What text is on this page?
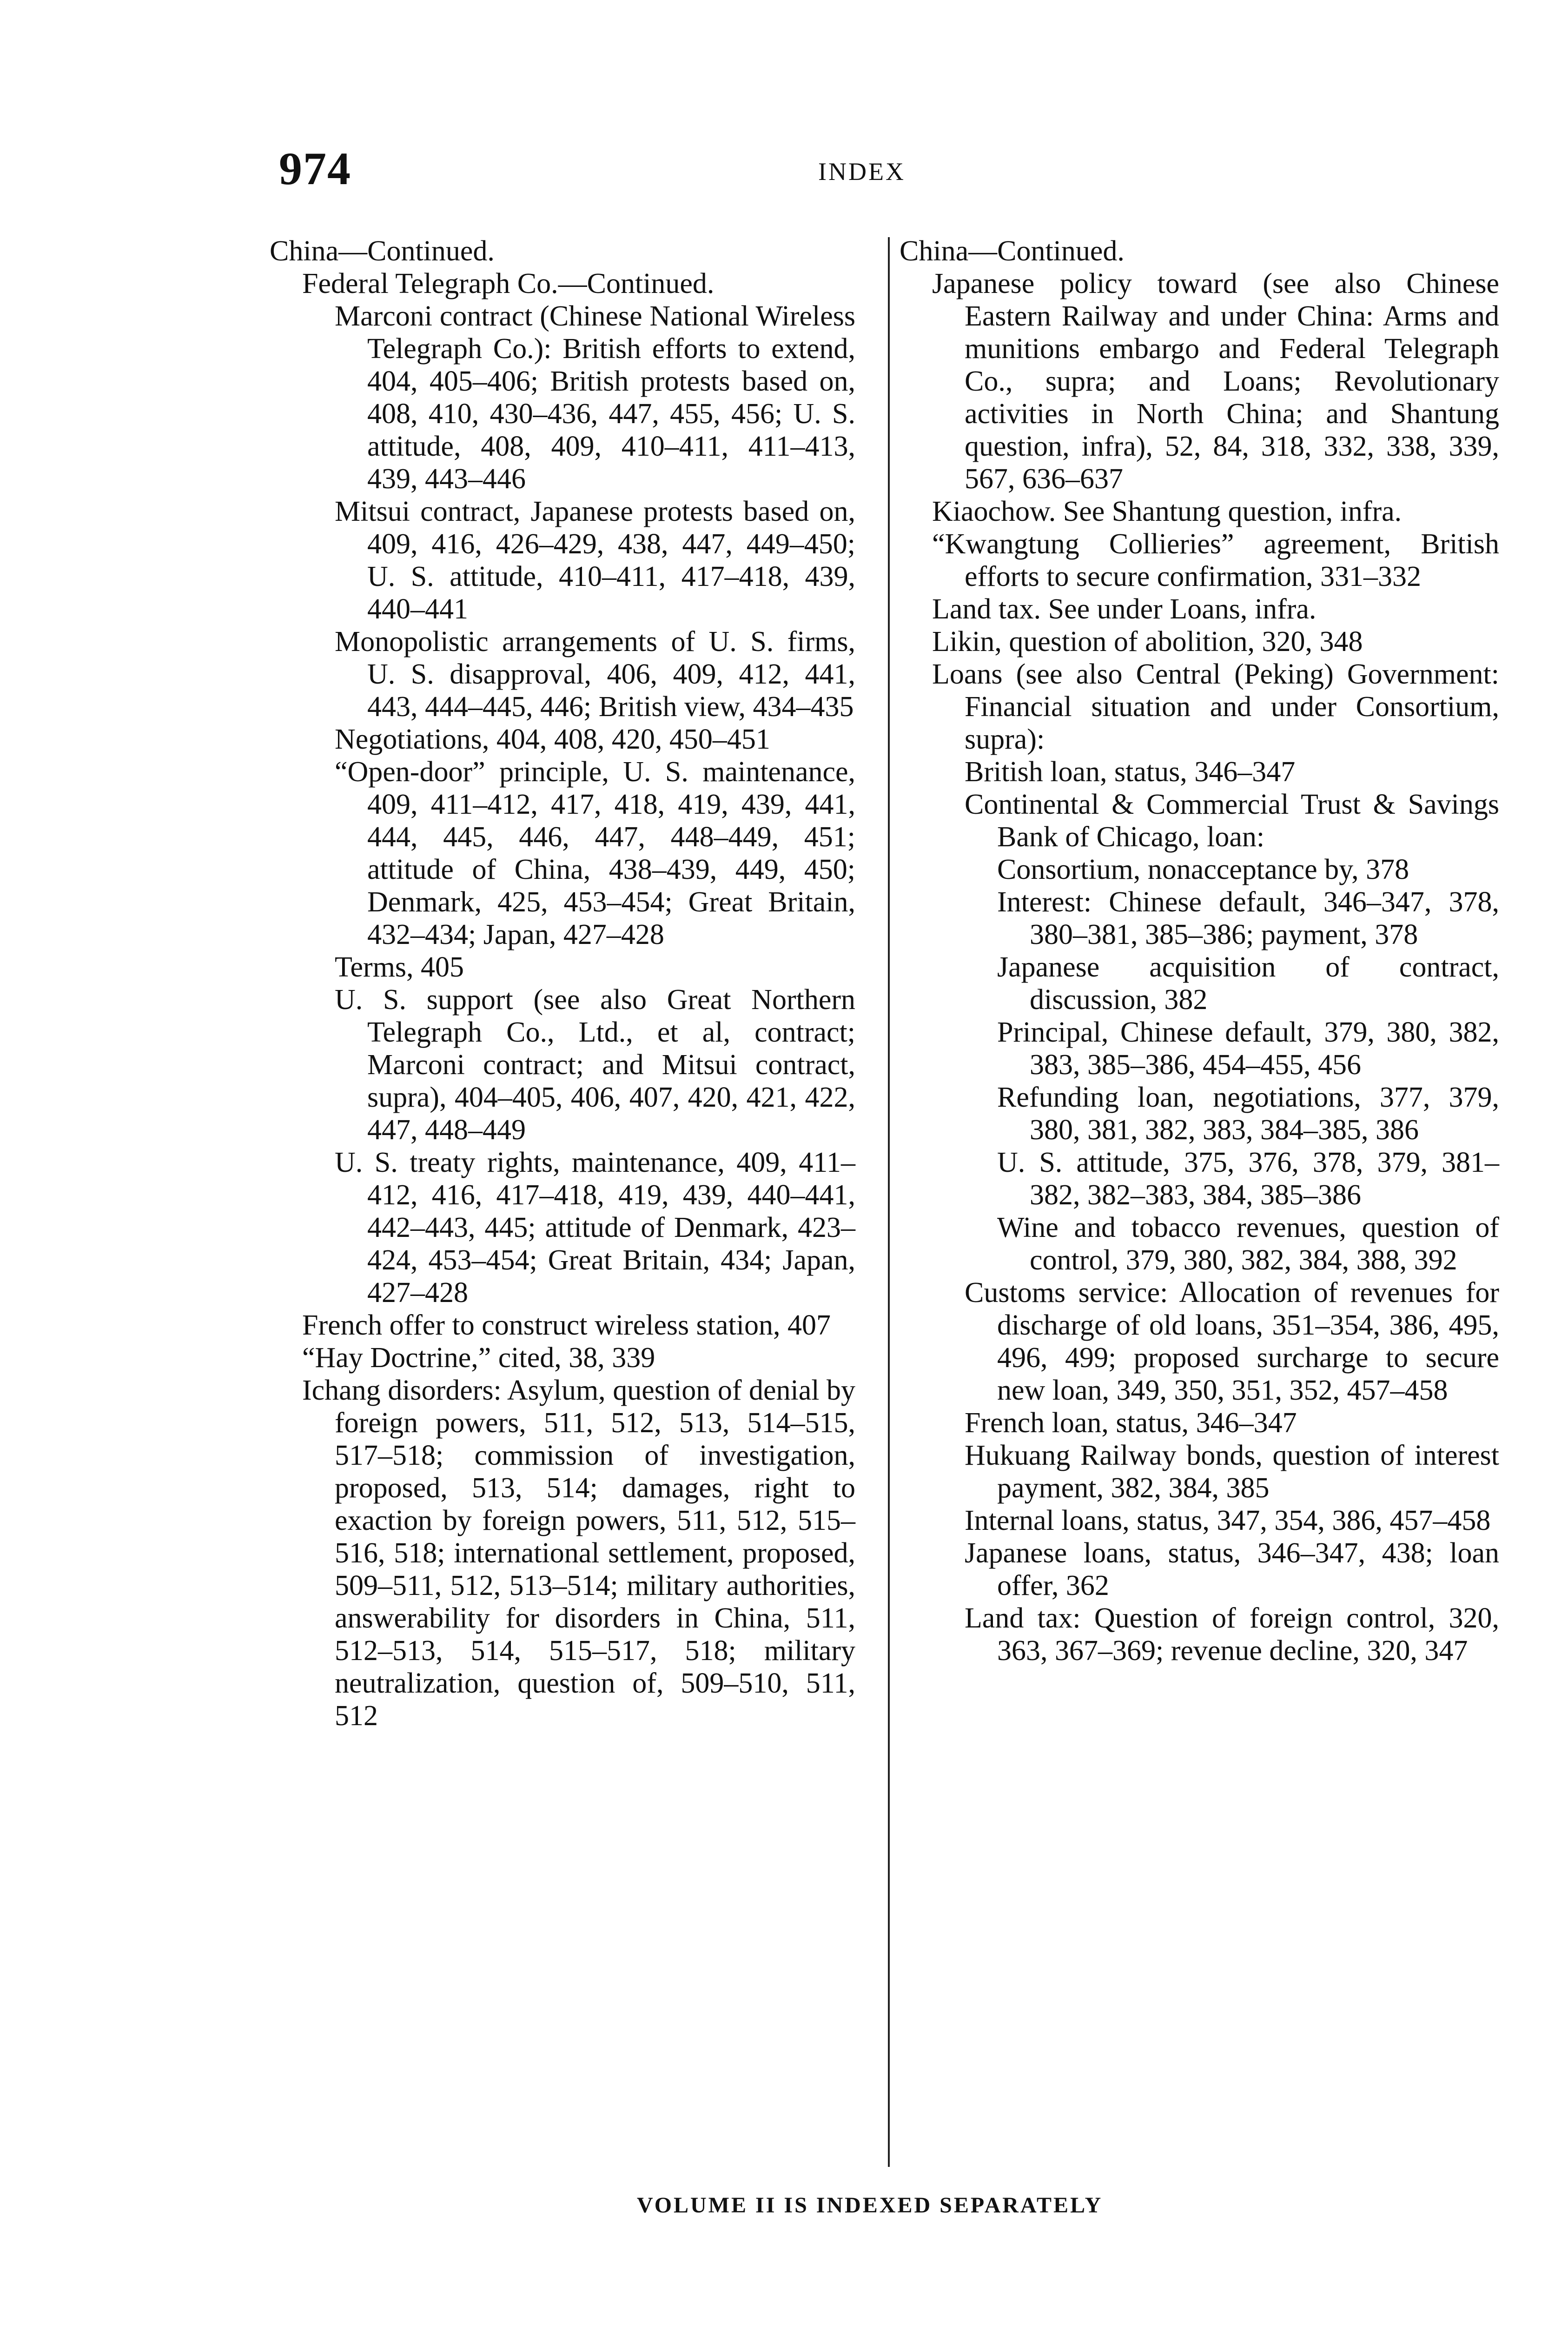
974	INDEX

China—Continued.

Federal Telegraph Co.—Continued.

Marconi contract (Chinese National Wireless Telegraph Co.): British efforts to extend, 404, 405–406; British protests based on, 408, 410, 430–436, 447, 455, 456; U. S. attitude, 408, 409, 410–411, 411–413, 439, 443–446

Mitsui contract, Japanese protests based on, 409, 416, 426–429, 438, 447, 449–450; U. S. attitude, 410–411, 417–418, 439, 440–441

Monopolistic arrangements of U. S. firms, U. S. disapproval, 406, 409, 412, 441, 443, 444–445, 446; British view, 434–435

Negotiations, 404, 408, 420, 450–451

“Open-door” principle, U. S. maintenance, 409, 411–412, 417, 418, 419, 439, 441, 444, 445, 446, 447, 448–449, 451; attitude of China, 438–439, 449, 450; Denmark, 425, 453–454; Great Britain, 432–434; Japan, 427–428

Terms, 405

U. S. support (see also Great Northern Telegraph Co., Ltd., et al, contract; Marconi contract; and Mitsui contract, supra), 404–405, 406, 407, 420, 421, 422, 447, 448–449

U. S. treaty rights, maintenance, 409, 411–412, 416, 417–418, 419, 439, 440–441, 442–443, 445; attitude of Denmark, 423–424, 453–454; Great Britain, 434; Japan, 427–428

French offer to construct wireless station, 407

“Hay Doctrine,” cited, 38, 339

Ichang disorders: Asylum, question of denial by foreign powers, 511, 512, 513, 514–515, 517–518; commission of investigation, proposed, 513, 514; damages, right to exaction by foreign powers, 511, 512, 515–516, 518; international settlement, proposed, 509–511, 512, 513–514; military authorities, answerability for disorders in China, 511, 512–513, 514, 515–517, 518; military neutralization, question of, 509–510, 511, 512

China—Continued.

Japanese policy toward (see also Chinese Eastern Railway and under China: Arms and munitions embargo and Federal Telegraph Co., supra; and Loans; Revolutionary activities in North China; and Shantung question, infra), 52, 84, 318, 332, 338, 339, 567, 636–637

Kiaochow. See Shantung question, infra.

“Kwangtung Collieries” agreement, British efforts to secure confirmation, 331–332

Land tax. See under Loans, infra.

Likin, question of abolition, 320, 348

Loans (see also Central (Peking) Government: Financial situation and under Consortium, supra):

British loan, status, 346–347

Continental & Commercial Trust & Savings Bank of Chicago, loan:

Consortium, nonacceptance by, 378

Interest: Chinese default, 346–347, 378, 380–381, 385–386; payment, 378

Japanese acquisition of contract, discussion, 382

Principal, Chinese default, 379, 380, 382, 383, 385–386, 454–455, 456

Refunding loan, negotiations, 377, 379, 380, 381, 382, 383, 384–385, 386

U. S. attitude, 375, 376, 378, 379, 381–382, 382–383, 384, 385–386

Wine and tobacco revenues, question of control, 379, 380, 382, 384, 388, 392

Customs service: Allocation of revenues for discharge of old loans, 351–354, 386, 495, 496, 499; proposed surcharge to secure new loan, 349, 350, 351, 352, 457–458

French loan, status, 346–347

Hukuang Railway bonds, question of interest payment, 382, 384, 385

Internal loans, status, 347, 354, 386, 457–458

Japanese loans, status, 346–347, 438; loan offer, 362

Land tax: Question of foreign control, 320, 363, 367–369; revenue decline, 320, 347

VOLUME II IS INDEXED SEPARATELY
